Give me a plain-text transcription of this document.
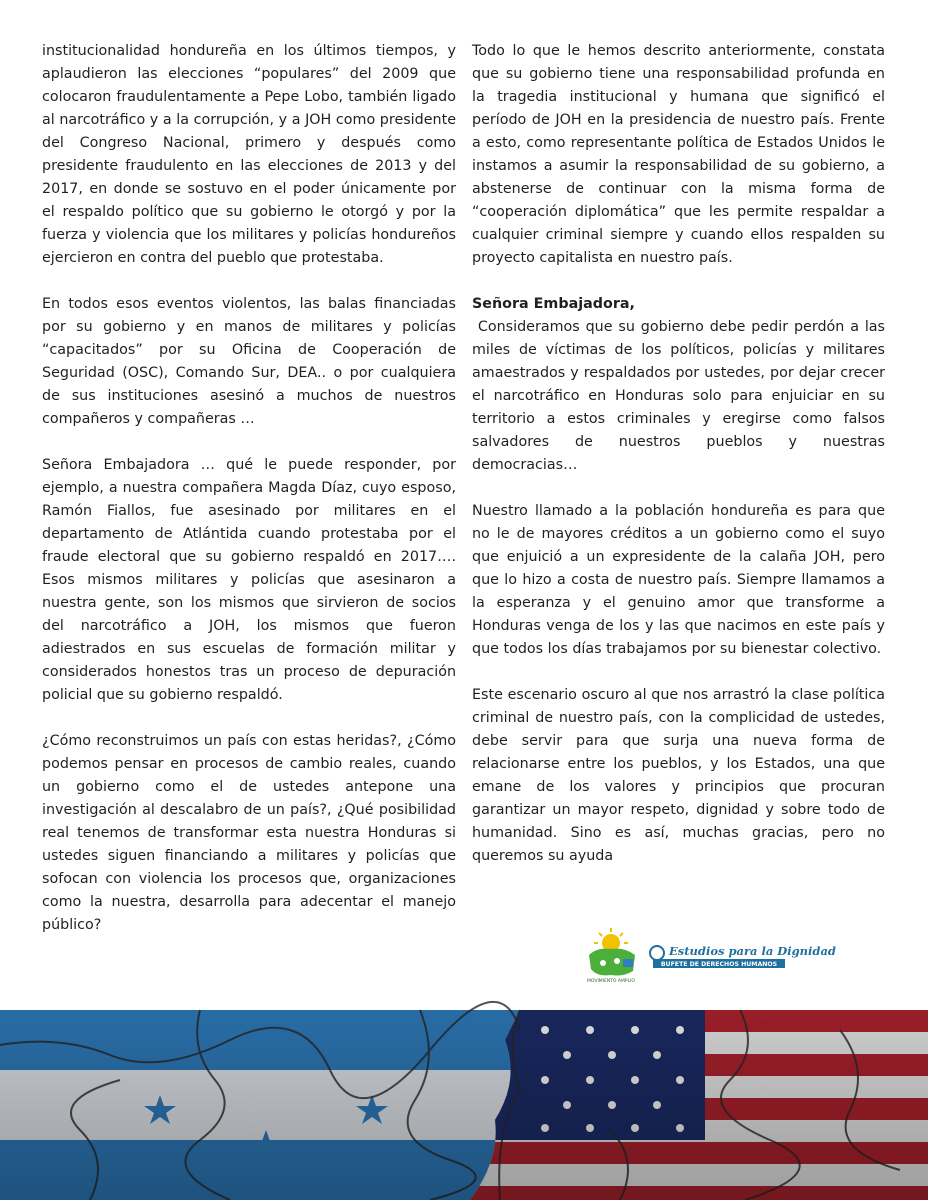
institucionalidad hondureña en los últimos tiempos, y aplaudieron las elecciones “populares” del 2009 que colocaron fraudulentamente a Pepe Lobo, también ligado al narcotráfico y a la corrupción, y a JOH como presidente del Congreso Nacional, primero y después como presidente fraudulento en las elecciones de 2013 y del 2017, en donde se sostuvo en el poder únicamente por el respaldo político que su gobierno le otorgó y por la fuerza y violencia que los militares y policías hondureños ejercieron en contra del pueblo que protestaba.

En todos esos eventos violentos, las balas financiadas por su gobierno y en manos de militares y policías “capacitados” por su Oficina de Cooperación de Seguridad (OSC), Comando Sur, DEA.. o por cualquiera de sus instituciones asesinó a muchos de nuestros compañeros y compañeras …

Señora Embajadora … qué le puede responder, por ejemplo, a nuestra compañera Magda Díaz, cuyo esposo, Ramón Fiallos, fue asesinado por militares en el departamento de Atlántida cuando protestaba por el fraude electoral que su gobierno respaldó en 2017…. Esos mismos militares y policías que asesinaron a nuestra gente, son los mismos que sirvieron de socios del narcotráfico a JOH, los mismos que fueron adiestrados en sus escuelas de formación militar y considerados honestos tras un proceso de depuración policial que su gobierno respaldó.

¿Cómo reconstruimos un país con estas heridas?, ¿Cómo podemos pensar en procesos de cambio reales, cuando un gobierno como el de ustedes antepone una investigación al descalabro de un país?, ¿Qué posibilidad real tenemos de transformar esta nuestra Honduras si ustedes siguen financiando a militares y policías que sofocan con violencia los procesos que, organizaciones como la nuestra, desarrolla para adecentar el manejo público?

Todo lo que le hemos descrito anteriormente, constata que su gobierno tiene una responsabilidad profunda en la tragedia institucional y humana que significó el período de JOH en la presidencia de nuestro país. Frente a esto, como representante política de Estados Unidos le instamos a asumir la responsabilidad de su gobierno, a abstenerse de continuar con la misma forma de “cooperación diplomática” que les permite respaldar a cualquier criminal siempre y cuando ellos respalden su proyecto capitalista en nuestro país.

Señora Embajadora,

Consideramos que su gobierno debe pedir perdón a las miles de víctimas de los políticos, policías y militares amaestrados y respaldados por ustedes, por dejar crecer el narcotráfico en Honduras solo para enjuiciar en su territorio a estos criminales y eregirse como falsos salvadores de nuestros pueblos y nuestras democracias…

Nuestro llamado a la población hondureña es para que no le de mayores créditos a un gobierno como el suyo que enjuició a un expresidente de la calaña JOH, pero que lo hizo a costa de nuestro país. Siempre llamamos a la esperanza y el genuino amor que transforme a Honduras venga de los y las que nacimos en este país y que todos los días trabajamos por su bienestar colectivo.

Este escenario oscuro al que nos arrastró la clase política criminal de nuestro país, con la complicidad de ustedes, debe servir para que surja una nueva forma de relacionarse entre los pueblos, y los Estados, una que emane de los valores y principios que procuran garantizar un mayor respeto, dignidad y sobre todo de humanidad. Sino es así, muchas gracias, pero no queremos su ayuda

MOVIMIENTO AMPLIO
Estudios para la Dignidad
BUFETE DE DERECHOS HUMANOS
